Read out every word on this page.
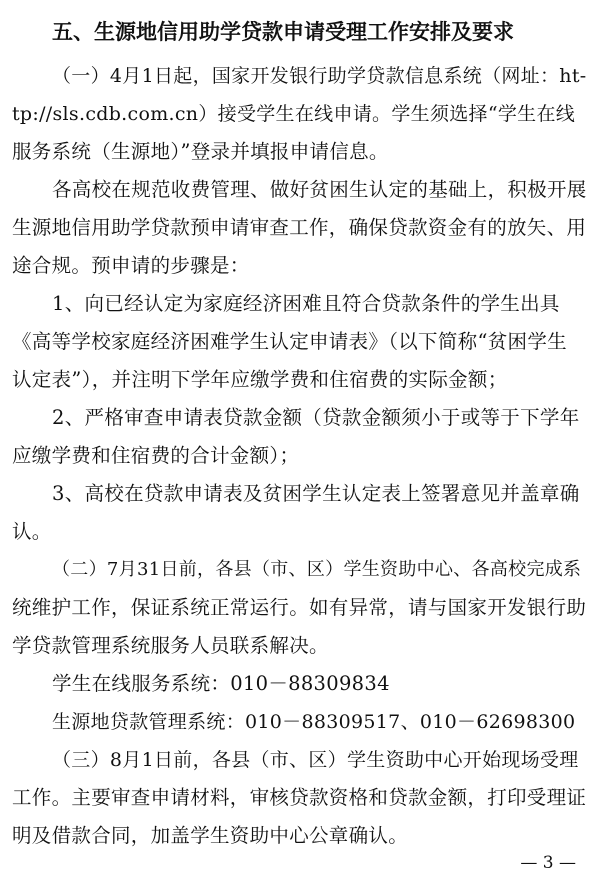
五、生源地信用助学贷款申请受理工作安排及要求
（一）4月1日起，国家开发银行助学贷款信息系统（网址：ht-
tp://sls.cdb.com.cn）接受学生在线申请。学生须选择“学生在线
服务系统（生源地）”登录并填报申请信息。
各高校在规范收费管理、做好贫困生认定的基础上，积极开展
生源地信用助学贷款预申请审查工作，确保贷款资金有的放矢、用
途合规。预申请的步骤是：
1、向已经认定为家庭经济困难且符合贷款条件的学生出具
《高等学校家庭经济困难学生认定申请表》（以下简称“贫困学生
认定表”），并注明下学年应缴学费和住宿费的实际金额；
2、严格审查申请表贷款金额（贷款金额须小于或等于下学年
应缴学费和住宿费的合计金额）；
3、高校在贷款申请表及贫困学生认定表上签署意见并盖章确
认。
（二）7月31日前，各县（市、区）学生资助中心、各高校完成系
统维护工作，保证系统正常运行。如有异常，请与国家开发银行助
学贷款管理系统服务人员联系解决。
学生在线服务系统：010－88309834
生源地贷款管理系统：010－88309517、010－62698300
（三）8月1日前，各县（市、区）学生资助中心开始现场受理
工作。主要审查申请材料，审核贷款资格和贷款金额，打印受理证
明及借款合同，加盖学生资助中心公章确认。
— 3 —
